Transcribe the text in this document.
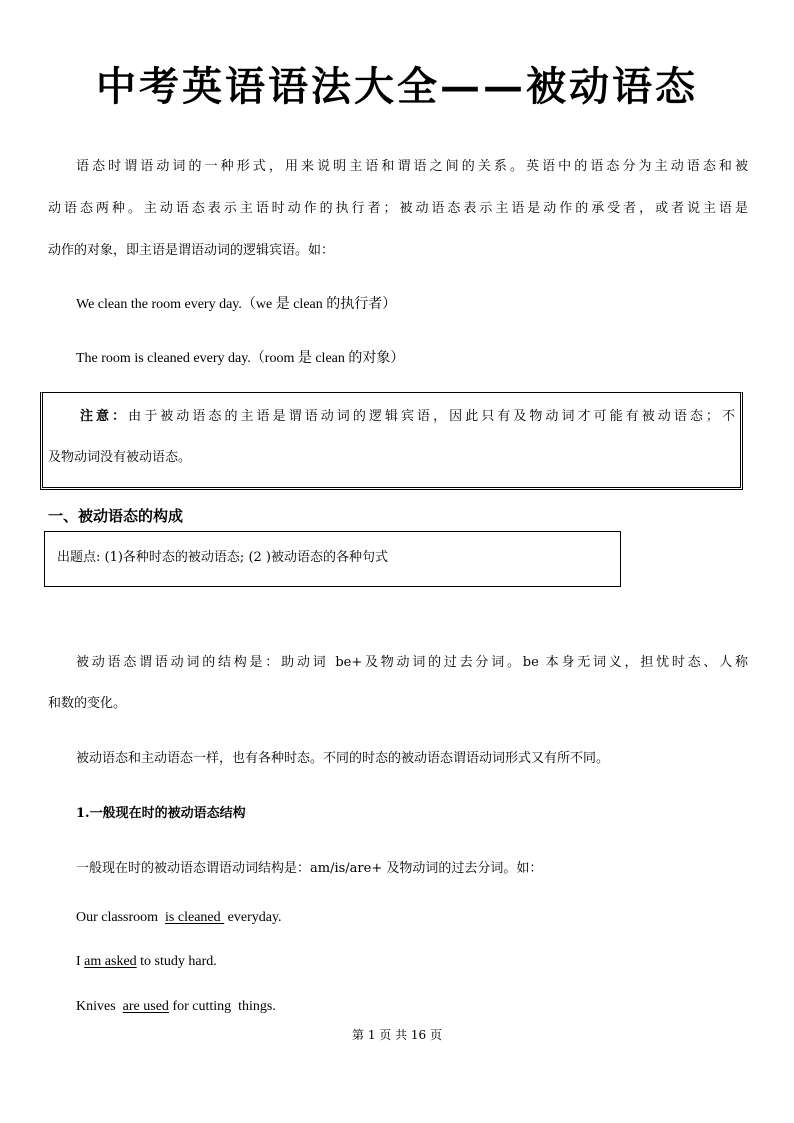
中考英语语法大全——被动语态
语态时谓语动词的一种形式，用来说明主语和谓语之间的关系。英语中的语态分为主动语态和被
动语态两种。主动语态表示主语时动作的执行者；被动语态表示主语是动作的承受者，或者说主语是
动作的对象，即主语是谓语动词的逻辑宾语。如：
We clean the room every day.（we 是 clean 的执行者）
The room is cleaned every day.（room 是 clean 的对象）
注意：由于被动语态的主语是谓语动词的逻辑宾语，因此只有及物动词才可能有被动语态；不
及物动词没有被动语态。
一、被动语态的构成
出题点: (1)各种时态的被动语态; (2 )被动语态的各种句式
被动语态谓语动词的结构是：助动词 be+及物动词的过去分词。be 本身无词义，担忧时态、人称
和数的变化。
被动语态和主动语态一样，也有各种时态。不同的时态的被动语态谓语动词形式又有所不同。
1.一般现在时的被动语态结构
一般现在时的被动语态谓语动词结构是：am/is/are+ 及物动词的过去分词。如：
Our classroom  is cleaned  everyday.
I am asked to study hard.
Knives  are used for cutting  things.
第 1 页 共 16 页
